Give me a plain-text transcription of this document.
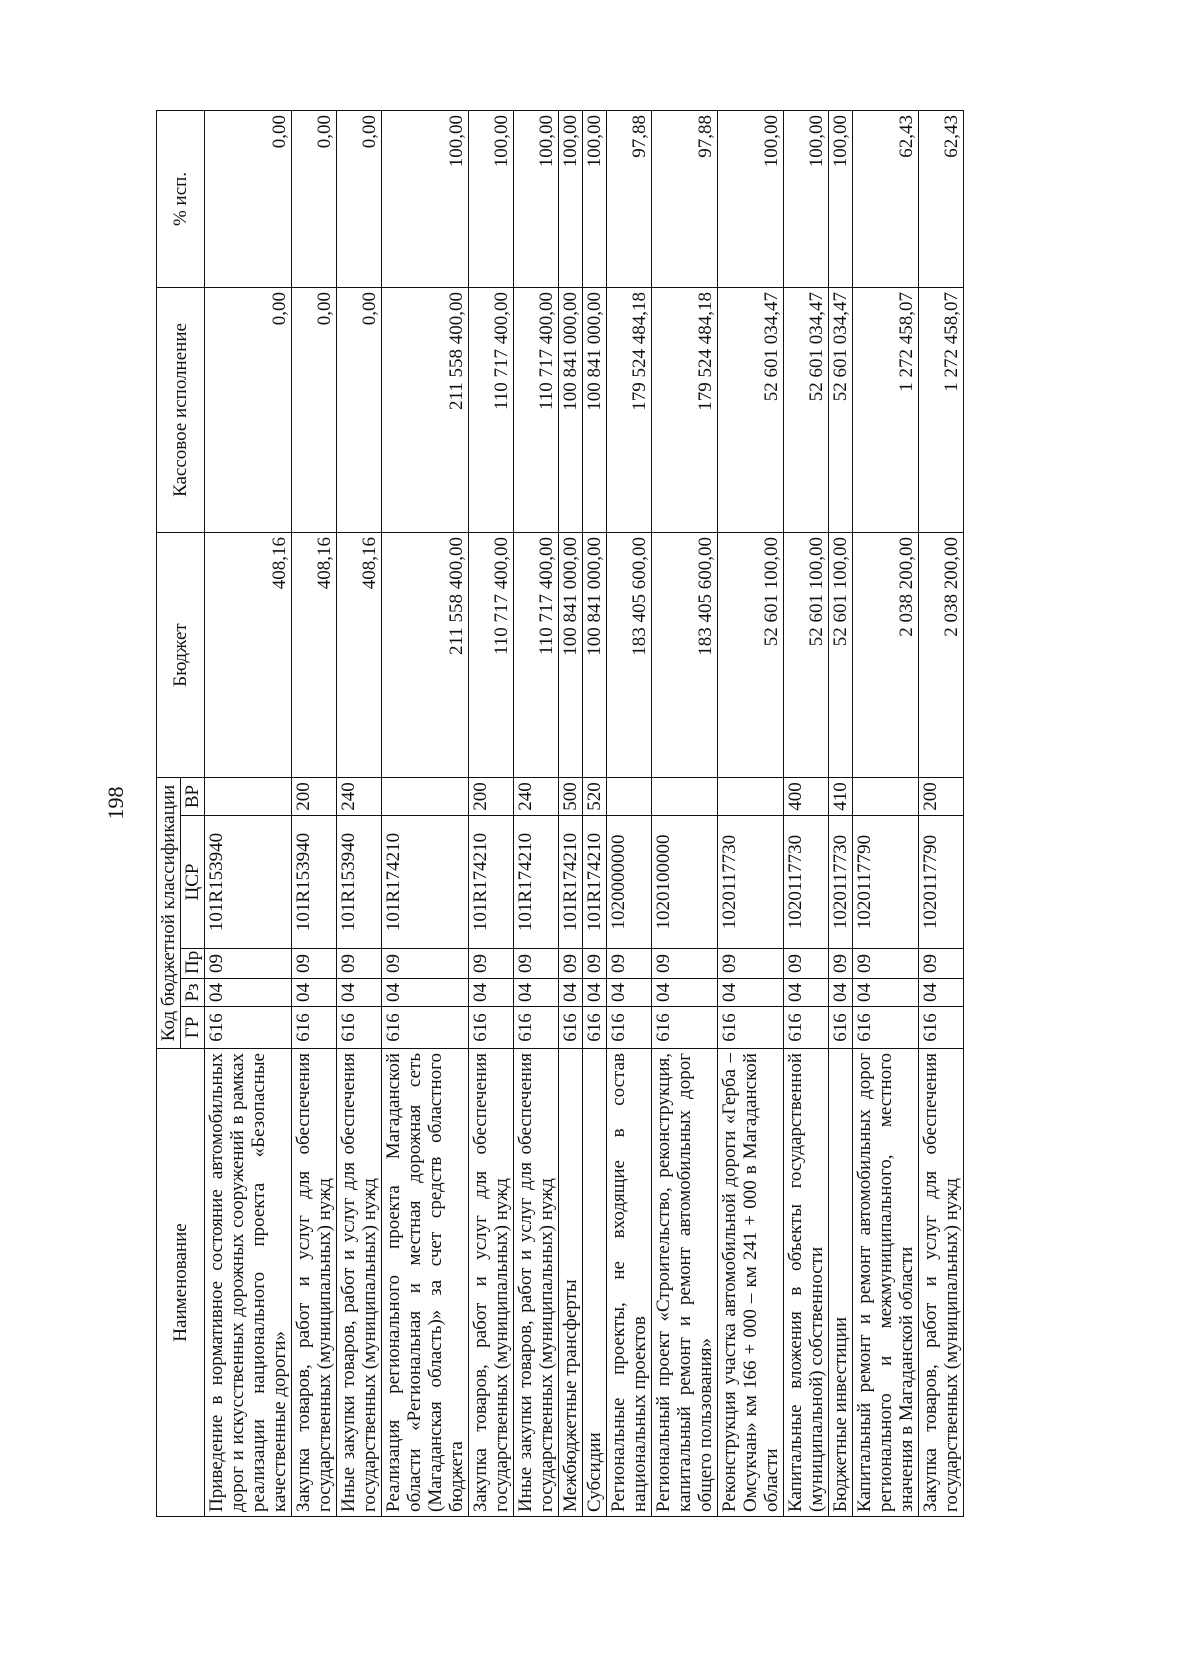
198
Наименование	Код бюджетной классификации					Бюджет	Кассовое исполнение	% исп.
	ГР	Рз	Пр	ЦСР	ВР			
Приведение в нормативное состояние автомобильных дорог и искусственных дорожных сооружений в рамках реализации национального проекта «Безопасные качественные дороги»	616	04	09	101R153940		408,16	0,00	0,00
Закупка товаров, работ и услуг для обеспечения государственных (муниципальных) нужд	616	04	09	101R153940	200	408,16	0,00	0,00
Иные закупки товаров, работ и услуг для обеспечения государственных (муниципальных) нужд	616	04	09	101R153940	240	408,16	0,00	0,00
Реализация регионального проекта Магаданской области «Региональная и местная дорожная сеть (Магаданская область)» за счет средств областного бюджета	616	04	09	101R174210		211 558 400,00	211 558 400,00	100,00
Закупка товаров, работ и услуг для обеспечения государственных (муниципальных) нужд	616	04	09	101R174210	200	110 717 400,00	110 717 400,00	100,00
Иные закупки товаров, работ и услуг для обеспечения государственных (муниципальных) нужд	616	04	09	101R174210	240	110 717 400,00	110 717 400,00	100,00
Межбюджетные трансферты	616	04	09	101R174210	500	100 841 000,00	100 841 000,00	100,00
Субсидии	616	04	09	101R174210	520	100 841 000,00	100 841 000,00	100,00
Региональные проекты, не входящие в состав национальных проектов	616	04	09	1020000000		183 405 600,00	179 524 484,18	97,88
Региональный проект «Строительство, реконструкция, капитальный ремонт и ремонт автомобильных дорог общего пользования»	616	04	09	1020100000		183 405 600,00	179 524 484,18	97,88
Реконструкция участка автомобильной дороги «Герба – Омсукчан» км 166 + 000 – км 241 + 000 в Магаданской области	616	04	09	1020117730		52 601 100,00	52 601 034,47	100,00
Капитальные вложения в объекты государственной (муниципальной) собственности	616	04	09	1020117730	400	52 601 100,00	52 601 034,47	100,00
Бюджетные инвестиции	616	04	09	1020117730	410	52 601 100,00	52 601 034,47	100,00
Капитальный ремонт и ремонт автомобильных дорог регионального и межмуниципального, местного значения в Магаданской области	616	04	09	1020117790		2 038 200,00	1 272 458,07	62,43
Закупка товаров, работ и услуг для обеспечения государственных (муниципальных) нужд	616	04	09	1020117790	200	2 038 200,00	1 272 458,07	62,43
